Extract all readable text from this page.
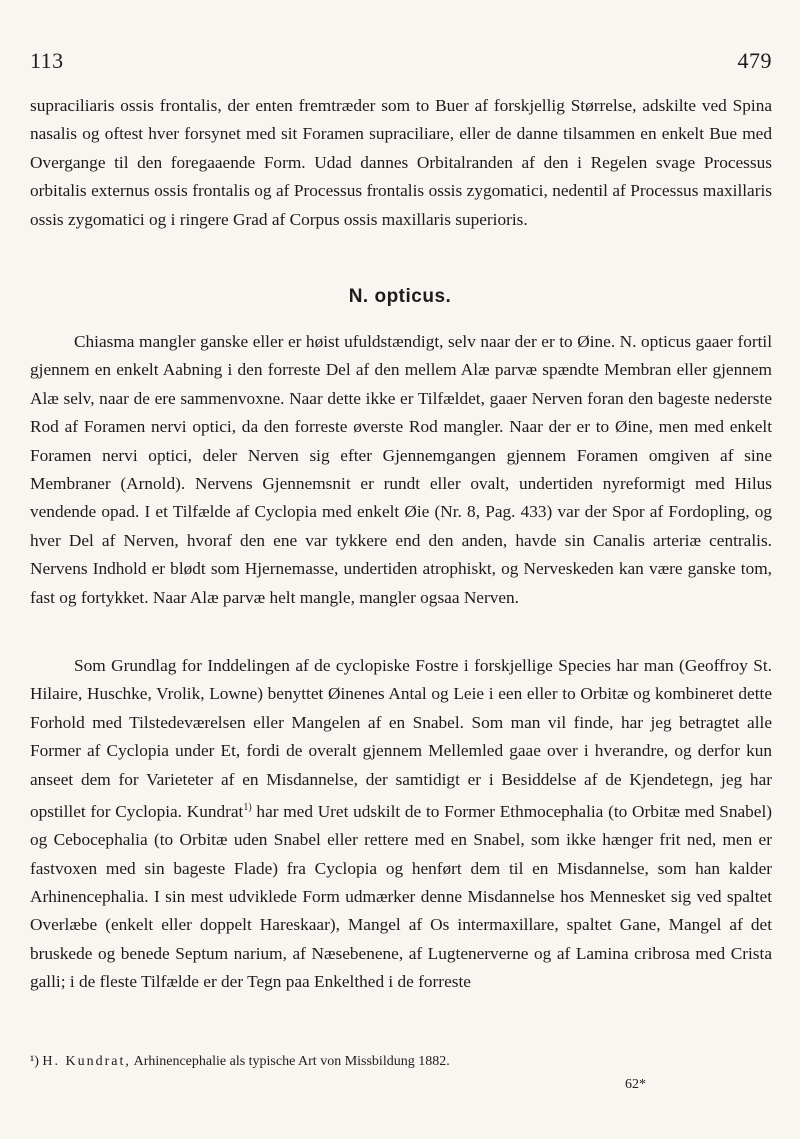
113	479

supraciliaris ossis frontalis, der enten fremtræder som to Buer af forskjellig Størrelse, adskilte ved Spina nasalis og oftest hver forsynet med sit Foramen supraciliare, eller de danne tilsammen en enkelt Bue med Overgange til den foregaaende Form. Udad dannes Orbitalranden af den i Regelen svage Processus orbitalis externus ossis frontalis og af Processus frontalis ossis zygomatici, nedentil af Processus maxillaris ossis zygomatici og i ringere Grad af Corpus ossis maxillaris superioris.

N. opticus.

Chiasma mangler ganske eller er høist ufuldstændigt, selv naar der er to Øine. N. opticus gaaer fortil gjennem en enkelt Aabning i den forreste Del af den mellem Alæ parvæ spændte Membran eller gjennem Alæ selv, naar de ere sammenvoxne. Naar dette ikke er Tilfældet, gaaer Nerven foran den bageste nederste Rod af Foramen nervi optici, da den forreste øverste Rod mangler. Naar der er to Øine, men med enkelt Foramen nervi optici, deler Nerven sig efter Gjennemgangen gjennem Foramen omgiven af sine Membraner (Arnold). Nervens Gjennemsnit er rundt eller ovalt, undertiden nyreformigt med Hilus vendende opad. I et Tilfælde af Cyclopia med enkelt Øie (Nr. 8, Pag. 433) var der Spor af Fordopling, og hver Del af Nerven, hvoraf den ene var tykkere end den anden, havde sin Canalis arteriæ centralis. Nervens Indhold er blødt som Hjernemasse, undertiden atrophiskt, og Nerveskeden kan være ganske tom, fast og fortykket. Naar Alæ parvæ helt mangle, mangler ogsaa Nerven.

Som Grundlag for Inddelingen af de cyclopiske Fostre i forskjellige Species har man (Geoffroy St. Hilaire, Huschke, Vrolik, Lowne) benyttet Øinenes Antal og Leie i een eller to Orbitæ og kombineret dette Forhold med Tilstedeværelsen eller Mangelen af en Snabel. Som man vil finde, har jeg betragtet alle Former af Cyclopia under Et, fordi de overalt gjennem Mellemled gaae over i hverandre, og derfor kun anseet dem for Varieteter af en Misdannelse, der samtidigt er i Besiddelse af de Kjendetegn, jeg har opstillet for Cyclopia. Kundrat$^{1)}$ har med Uret udskilt de to Former Ethmocephalia (to Orbitæ med Snabel) og Cebocephalia (to Orbitæ uden Snabel eller rettere med en Snabel, som ikke hænger frit ned, men er fastvoxen med sin bageste Flade) fra Cyclopia og henført dem til en Misdannelse, som han kalder Arhinencephalia. I sin mest udviklede Form udmærker denne Misdannelse hos Mennesket sig ved spaltet Overlæbe (enkelt eller doppelt Hareskaar), Mangel af Os intermaxillare, spaltet Gane, Mangel af det bruskede og benede Septum narium, af Næsebenene, af Lugtenerverne og af Lamina cribrosa med Crista galli; i de fleste Tilfælde er der Tegn paa Enkelthed i de forreste

¹) H. Kundrat, Arhinencephalie als typische Art von Missbildung 1882.
62*
